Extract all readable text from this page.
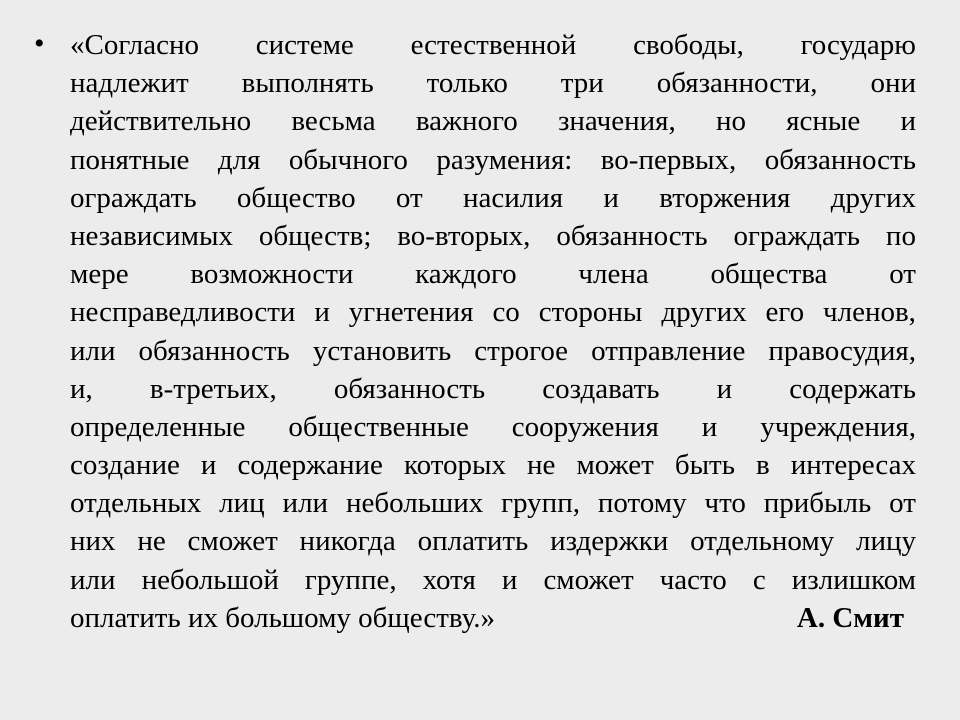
• «Согласно системе естественной свободы, государю
надлежит выполнять только три обязанности, они
действительно весьма важного значения, но ясные и
понятные для обычного разумения: во-первых, обязанность
ограждать общество от насилия и вторжения других
независимых обществ; во-вторых, обязанность ограждать по
мере возможности каждого члена общества от
несправедливости и угнетения со стороны других его членов,
или обязанность установить строгое отправление правосудия,
и, в-третьих, обязанность создавать и содержать
определенные общественные сооружения и учреждения,
создание и содержание которых не может быть в интересах
отдельных лиц или небольших групп, потому что прибыль от
них не сможет никогда оплатить издержки отдельному лицу
или небольшой группе, хотя и сможет часто с излишком
оплатить их большому обществу.»	А. Смит
